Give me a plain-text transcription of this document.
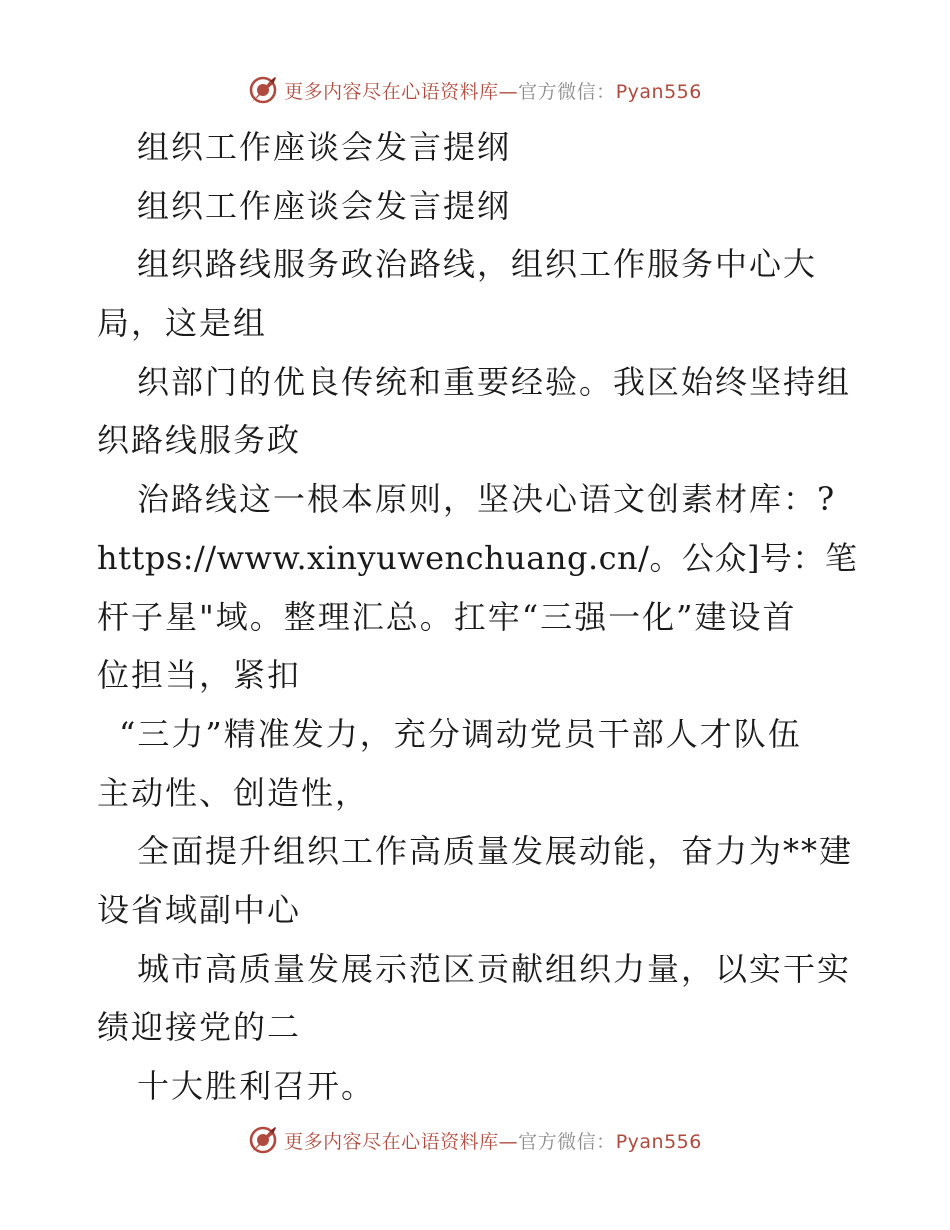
更多内容尽在心语资料库—官方微信：Pyan556
组织工作座谈会发言提纲
组织工作座谈会发言提纲
组织路线服务政治路线，组织工作服务中心大
局，这是组
织部门的优良传统和重要经验。我区始终坚持组
织路线服务政
治路线这一根本原则，坚决心语文创素材库：?
https://www.xinyuwenchuang.cn/。公众]号：笔
杆子星"域。整理汇总。扛牢“三强一化”建设首
位担当，紧扣
“三力”精准发力，充分调动党员干部人才队伍
主动性、创造性，
全面提升组织工作高质量发展动能，奋力为**建
设省域副中心
城市高质量发展示范区贡献组织力量，以实干实
绩迎接党的二
十大胜利召开。
更多内容尽在心语资料库—官方微信：Pyan556
